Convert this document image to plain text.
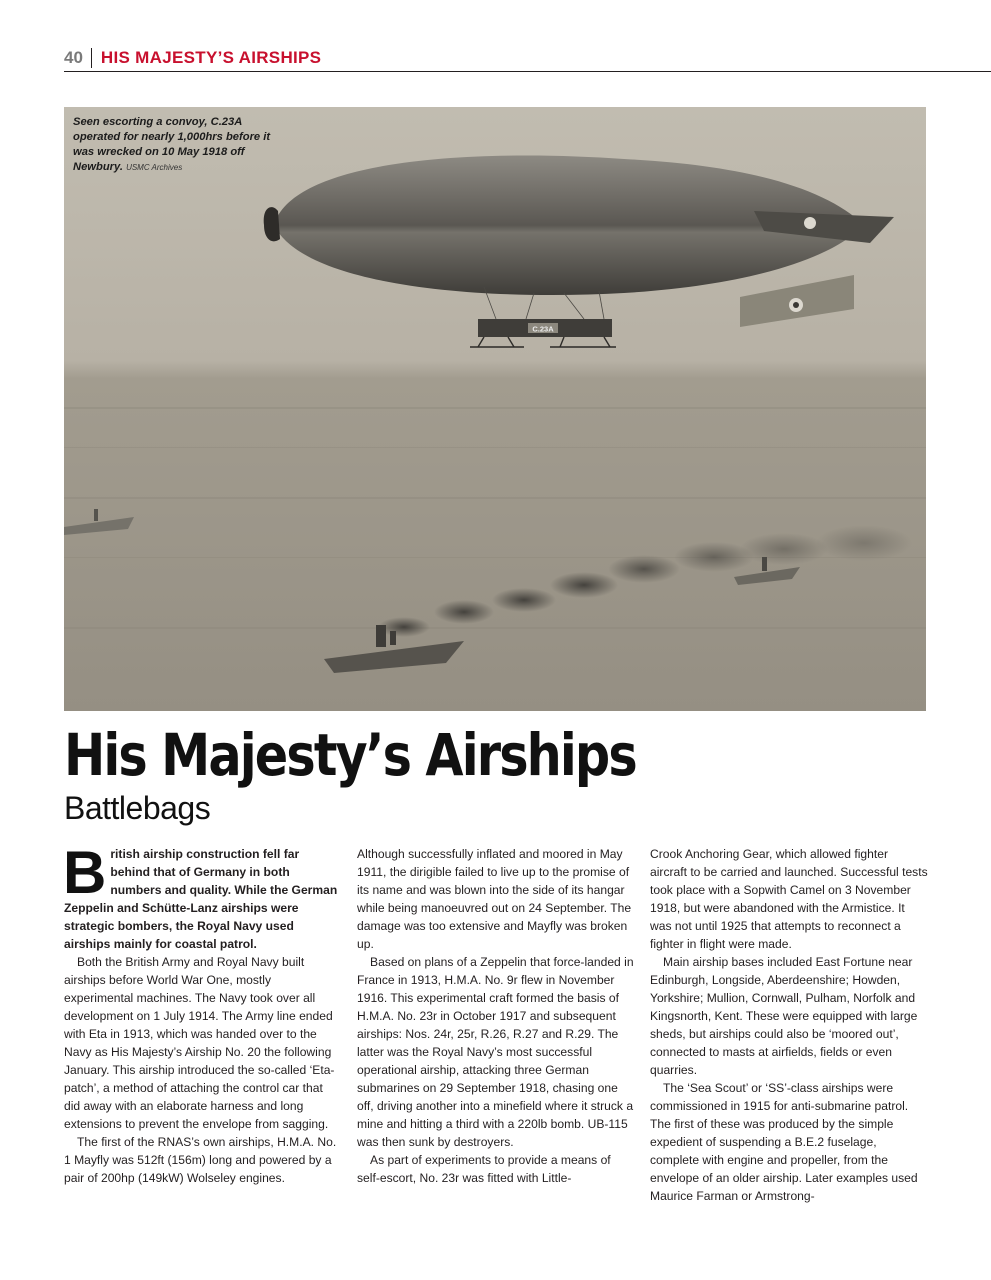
40	HIS MAJESTY’S AIRSHIPS
C.23A
Seen escorting a convoy, C.23A operated for nearly 1,000hrs before it was wrecked on 10 May 1918 off Newbury. USMC Archives
His Majesty’s Airships
Battlebags

British airship construction fell far behind that of Germany in both numbers and quality. While the German Zeppelin and Schütte-Lanz airships were strategic bombers, the Royal Navy used airships mainly for coastal patrol.

Both the British Army and Royal Navy built airships before World War One, mostly experimental machines. The Navy took over all development on 1 July 1914. The Army line ended with Eta in 1913, which was handed over to the Navy as His Majesty’s Airship No. 20 the following January. This airship introduced the so-called ‘Eta-patch’, a method of attaching the control car that did away with an elaborate harness and long extensions to prevent the envelope from sagging.

The first of the RNAS’s own airships, H.M.A. No. 1 Mayfly was 512ft (156m) long and powered by a pair of 200hp (149kW) Wolseley engines.

Although successfully inflated and moored in May 1911, the dirigible failed to live up to the promise of its name and was blown into the side of its hangar while being manoeuvred out on 24 September. The damage was too extensive and Mayfly was broken up.

Based on plans of a Zeppelin that force-landed in France in 1913, H.M.A. No. 9r flew in November 1916. This experimental craft formed the basis of H.M.A. No. 23r in October 1917 and subsequent airships: Nos. 24r, 25r, R.26, R.27 and R.29. The latter was the Royal Navy’s most successful operational airship, attacking three German submarines on 29 September 1918, chasing one off, driving another into a minefield where it struck a mine and hitting a third with a 220lb bomb. UB-115 was then sunk by destroyers.

As part of experiments to provide a means of self-escort, No. 23r was fitted with Little-

Crook Anchoring Gear, which allowed fighter aircraft to be carried and launched. Successful tests took place with a Sopwith Camel on 3 November 1918, but were abandoned with the Armistice. It was not until 1925 that attempts to reconnect a fighter in flight were made.

Main airship bases included East Fortune near Edinburgh, Longside, Aberdeenshire; Howden, Yorkshire; Mullion, Cornwall, Pulham, Norfolk and Kingsnorth, Kent. These were equipped with large sheds, but airships could also be ‘moored out’, connected to masts at airfields, fields or even quarries.

The ‘Sea Scout’ or ‘SS’-class airships were commissioned in 1915 for anti-submarine patrol. The first of these was produced by the simple expedient of suspending a B.E.2 fuselage, complete with engine and propeller, from the envelope of an older airship. Later examples used Maurice Farman or Armstrong-
